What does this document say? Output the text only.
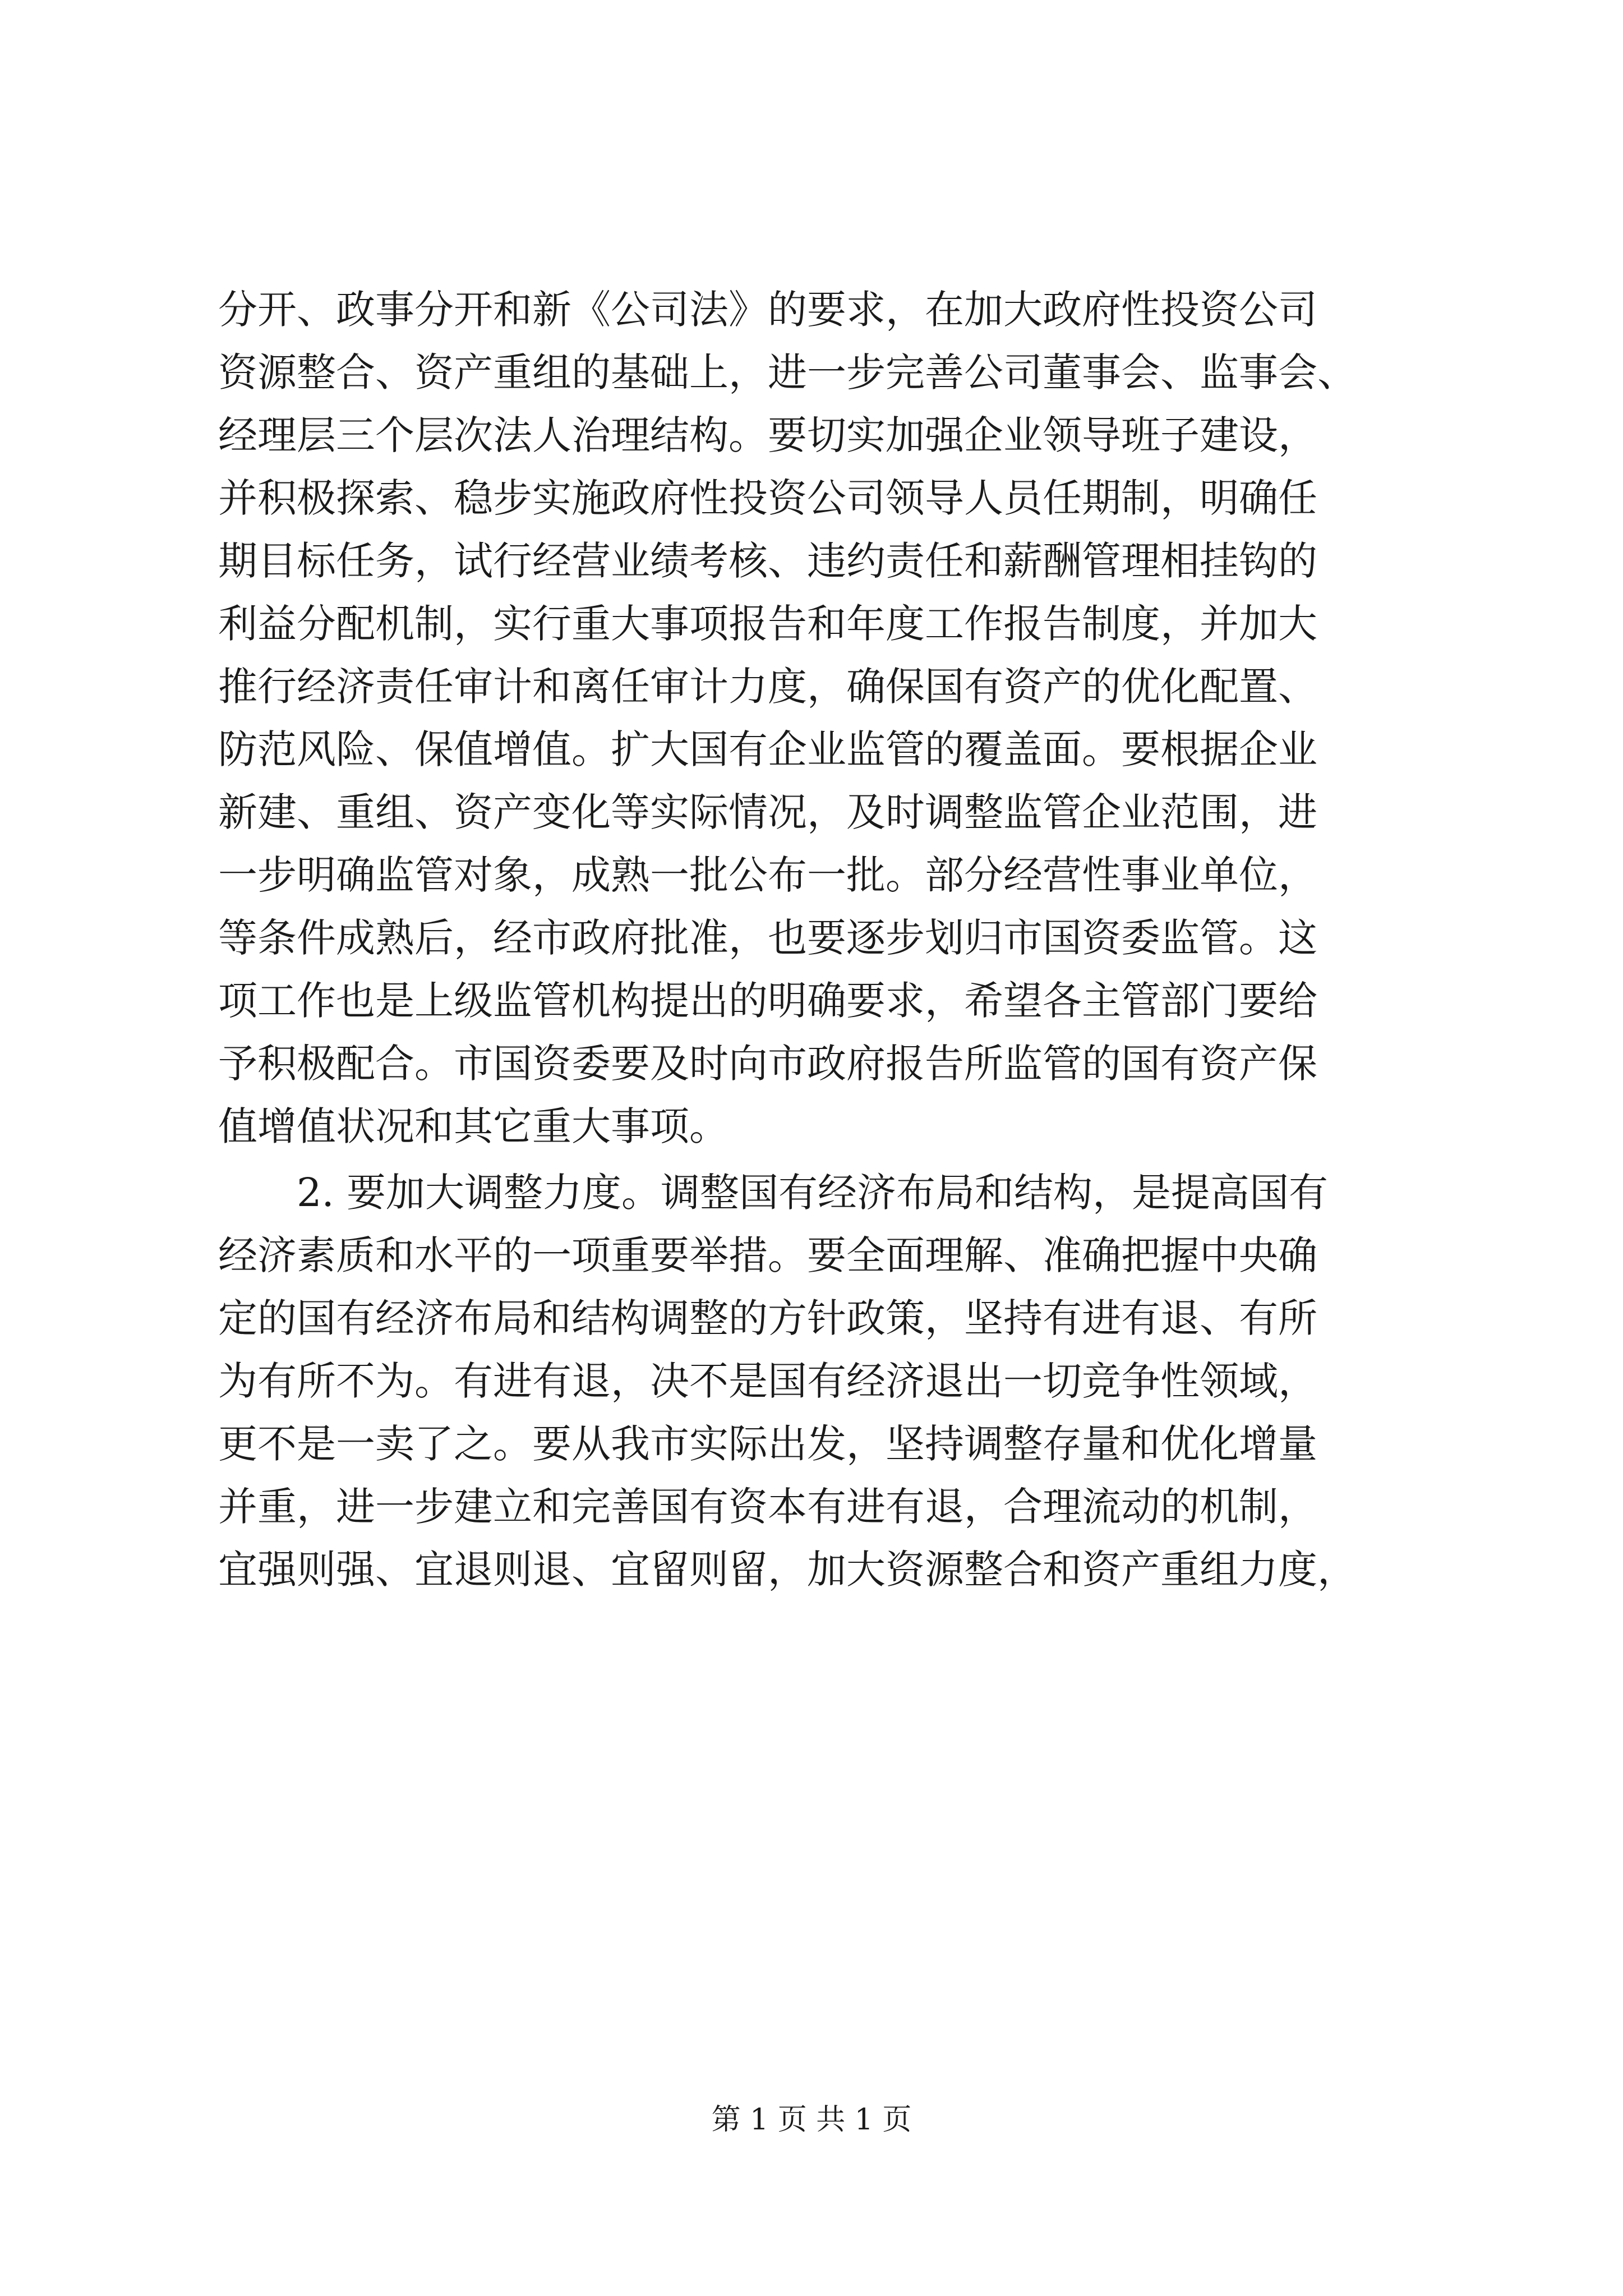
分开、政事分开和新《公司法》的要求，在加大政府性投资公司
资源整合、资产重组的基础上，进一步完善公司董事会、监事会、
经理层三个层次法人治理结构。要切实加强企业领导班子建设，
并积极探索、稳步实施政府性投资公司领导人员任期制，明确任
期目标任务，试行经营业绩考核、违约责任和薪酬管理相挂钩的
利益分配机制，实行重大事项报告和年度工作报告制度，并加大
推行经济责任审计和离任审计力度，确保国有资产的优化配置、
防范风险、保值增值。扩大国有企业监管的覆盖面。要根据企业
新建、重组、资产变化等实际情况，及时调整监管企业范围，进
一步明确监管对象，成熟一批公布一批。部分经营性事业单位，
等条件成熟后，经市政府批准，也要逐步划归市国资委监管。这
项工作也是上级监管机构提出的明确要求，希望各主管部门要给
予积极配合。市国资委要及时向市政府报告所监管的国有资产保
值增值状况和其它重大事项。
2. 要加大调整力度。调整国有经济布局和结构，是提高国有
经济素质和水平的一项重要举措。要全面理解、准确把握中央确
定的国有经济布局和结构调整的方针政策，坚持有进有退、有所
为有所不为。有进有退，决不是国有经济退出一切竞争性领域，
更不是一卖了之。要从我市实际出发，坚持调整存量和优化增量
并重，进一步建立和完善国有资本有进有退，合理流动的机制，
宜强则强、宜退则退、宜留则留，加大资源整合和资产重组力度，
第 1 页 共 1 页
